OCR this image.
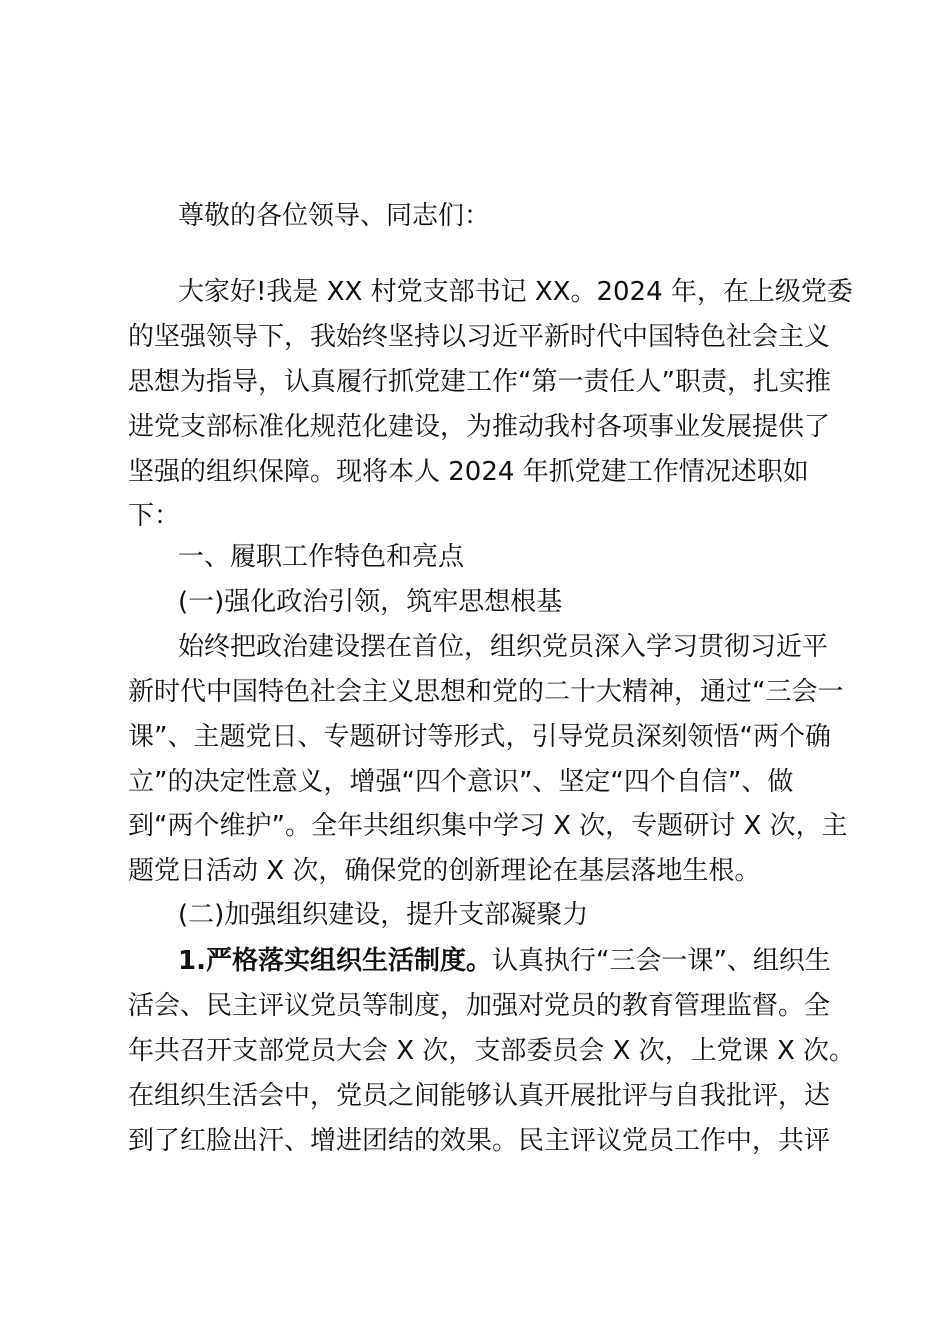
尊敬的各位领导、同志们：
大家好!我是 XX 村党支部书记 XX。2024 年，在上级党委
的坚强领导下，我始终坚持以习近平新时代中国特色社会主义
思想为指导，认真履行抓党建工作“第一责任人”职责，扎实推
进党支部标准化规范化建设，为推动我村各项事业发展提供了
坚强的组织保障。现将本人 2024 年抓党建工作情况述职如
下：
一、履职工作特色和亮点
(一)强化政治引领，筑牢思想根基
始终把政治建设摆在首位，组织党员深入学习贯彻习近平
新时代中国特色社会主义思想和党的二十大精神，通过“三会一
课”、主题党日、专题研讨等形式，引导党员深刻领悟“两个确
立”的决定性意义，增强“四个意识”、坚定“四个自信”、做
到“两个维护”。全年共组织集中学习 X 次，专题研讨 X 次，主
题党日活动 X 次，确保党的创新理论在基层落地生根。
(二)加强组织建设，提升支部凝聚力
1.严格落实组织生活制度。认真执行“三会一课”、组织生
活会、民主评议党员等制度，加强对党员的教育管理监督。全
年共召开支部党员大会 X 次，支部委员会 X 次，上党课 X 次。
在组织生活会中，党员之间能够认真开展批评与自我批评，达
到了红脸出汗、增进团结的效果。民主评议党员工作中，共评
